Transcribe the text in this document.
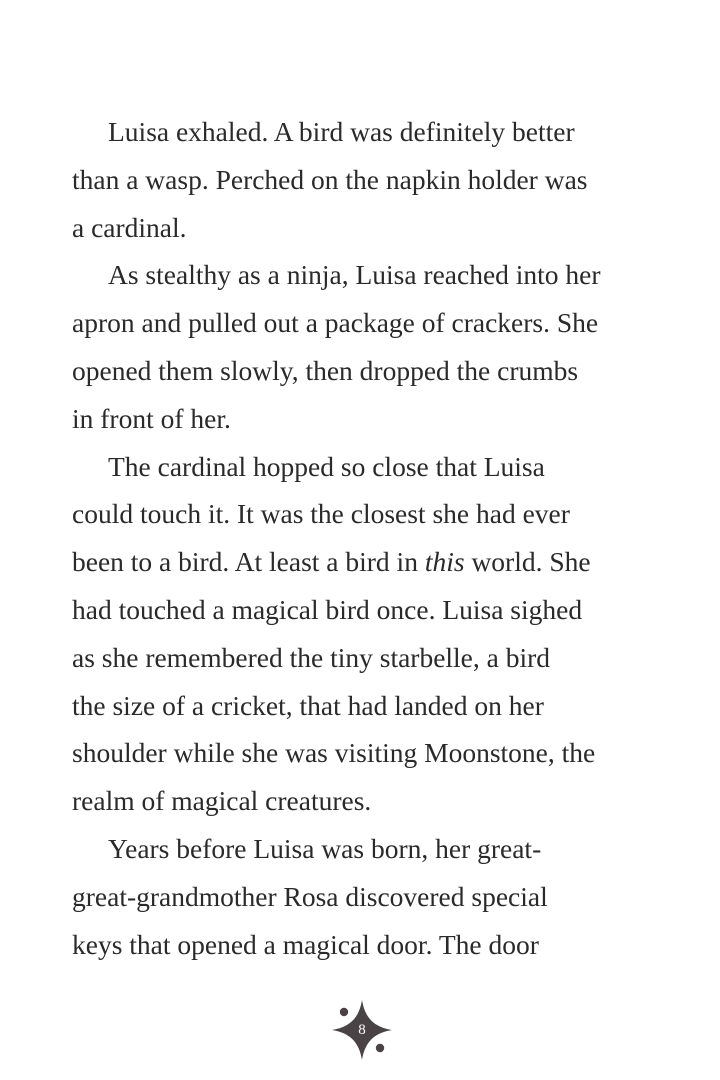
Luisa exhaled. A bird was definitely better
than a wasp. Perched on the napkin holder was
a cardinal.
As stealthy as a ninja, Luisa reached into her
apron and pulled out a package of crackers. She
opened them slowly, then dropped the crumbs
in front of her.
The cardinal hopped so close that Luisa
could touch it. It was the closest she had ever
been to a bird. At least a bird in this world. She
had touched a magical bird once. Luisa sighed
as she remembered the tiny starbelle, a bird
the size of a cricket, that had landed on her
shoulder while she was visiting Moonstone, the
realm of magical creatures.
Years before Luisa was born, her great-
great-grandmother Rosa discovered special
keys that opened a magical door. The door
8
